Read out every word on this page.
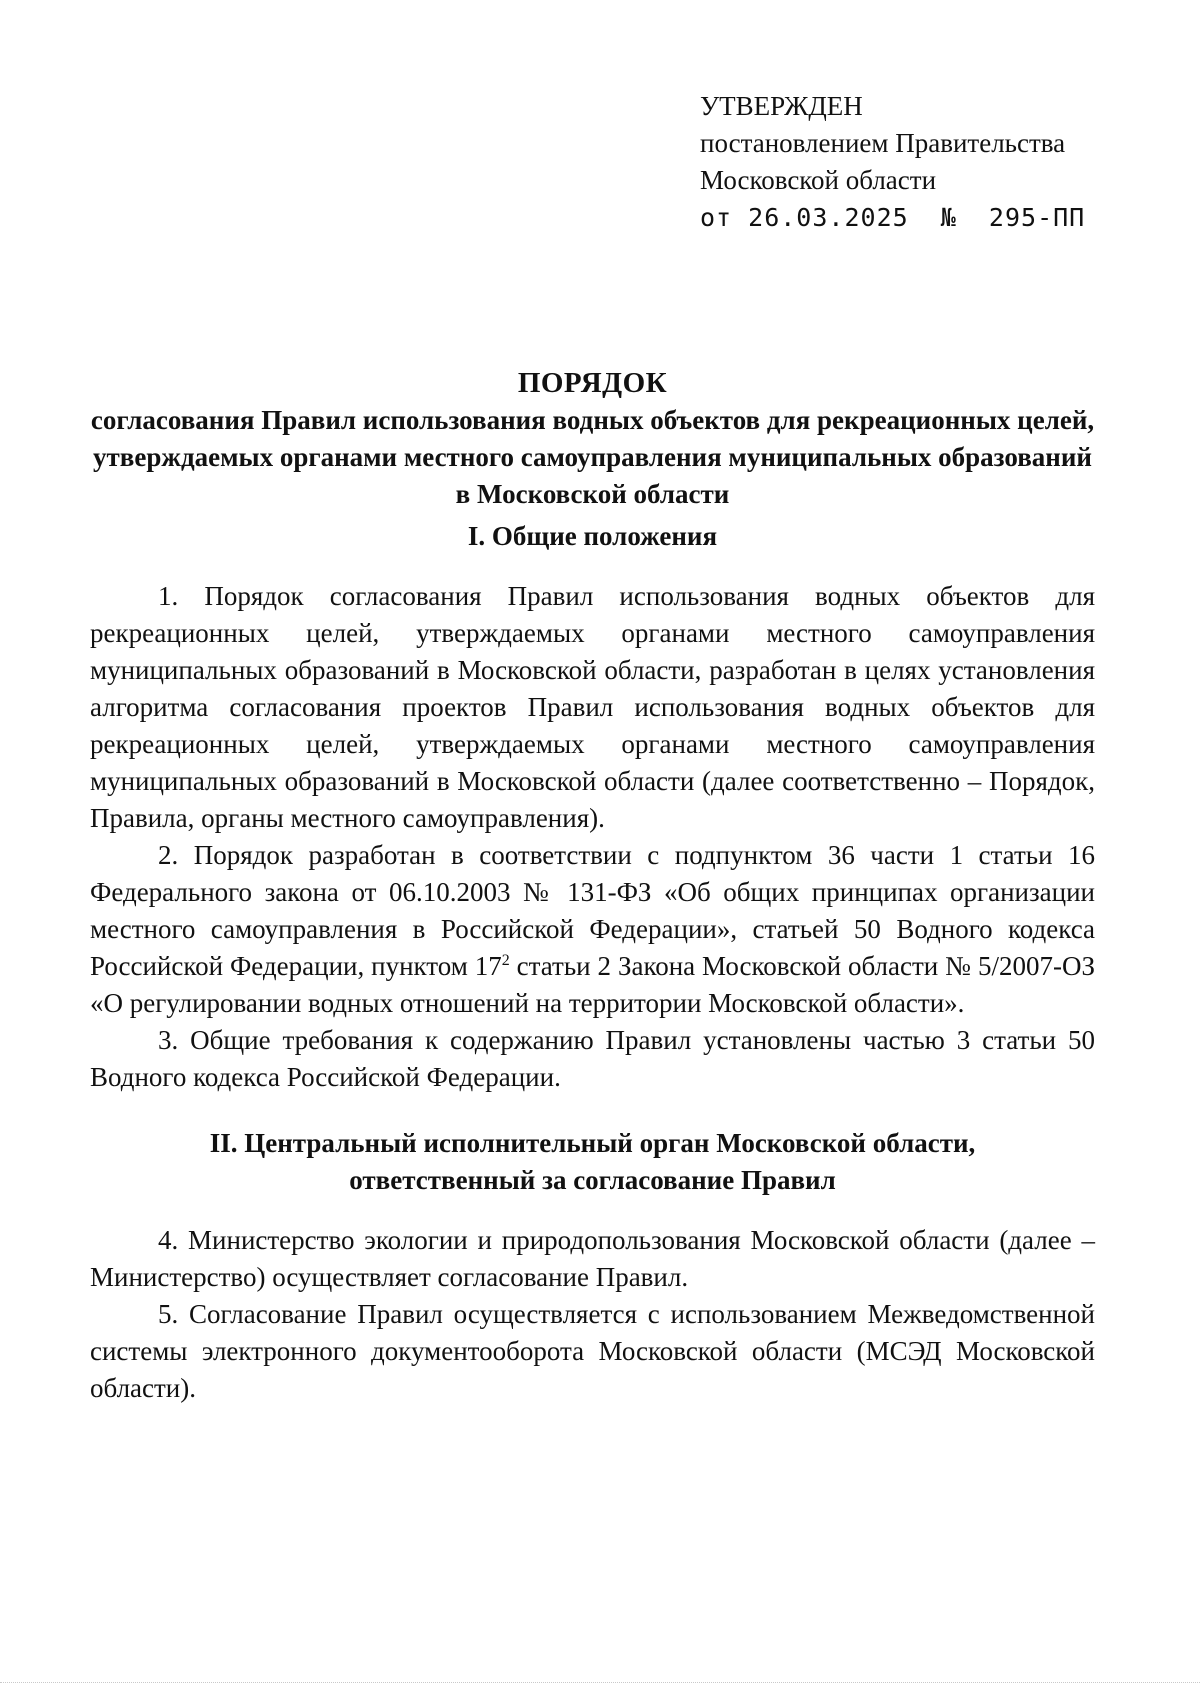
УТВЕРЖДЕН
постановлением Правительства
Московской области
от 26.03.2025  №  295-ПП
ПОРЯДОК
согласования Правил использования водных объектов для рекреационных целей, утверждаемых органами местного самоуправления муниципальных образований в Московской области
I. Общие положения

1. Порядок согласования Правил использования водных объектов для рекреационных целей, утверждаемых органами местного самоуправления муниципальных образований в Московской области, разработан в целях установления алгоритма согласования проектов Правил использования водных объектов для рекреационных целей, утверждаемых органами местного самоуправления муниципальных образований в Московской области (далее соответственно – Порядок, Правила, органы местного самоуправления).

2. Порядок разработан в соответствии с подпунктом 36 части 1 статьи 16 Федерального закона от 06.10.2003 № 131-ФЗ «Об общих принципах организации местного самоуправления в Российской Федерации», статьей 50 Водного кодекса Российской Федерации, пунктом $17^2$ статьи 2 Закона Московской области № 5/2007-ОЗ «О регулировании водных отношений на территории Московской области».

3. Общие требования к содержанию Правил установлены частью 3 статьи 50 Водного кодекса Российской Федерации.

II. Центральный исполнительный орган Московской области,
ответственный за согласование Правил

4. Министерство экологии и природопользования Московской области (далее – Министерство) осуществляет согласование Правил.

5. Согласование Правил осуществляется с использованием Межведомственной системы электронного документооборота Московской области (МСЭД Московской области).
